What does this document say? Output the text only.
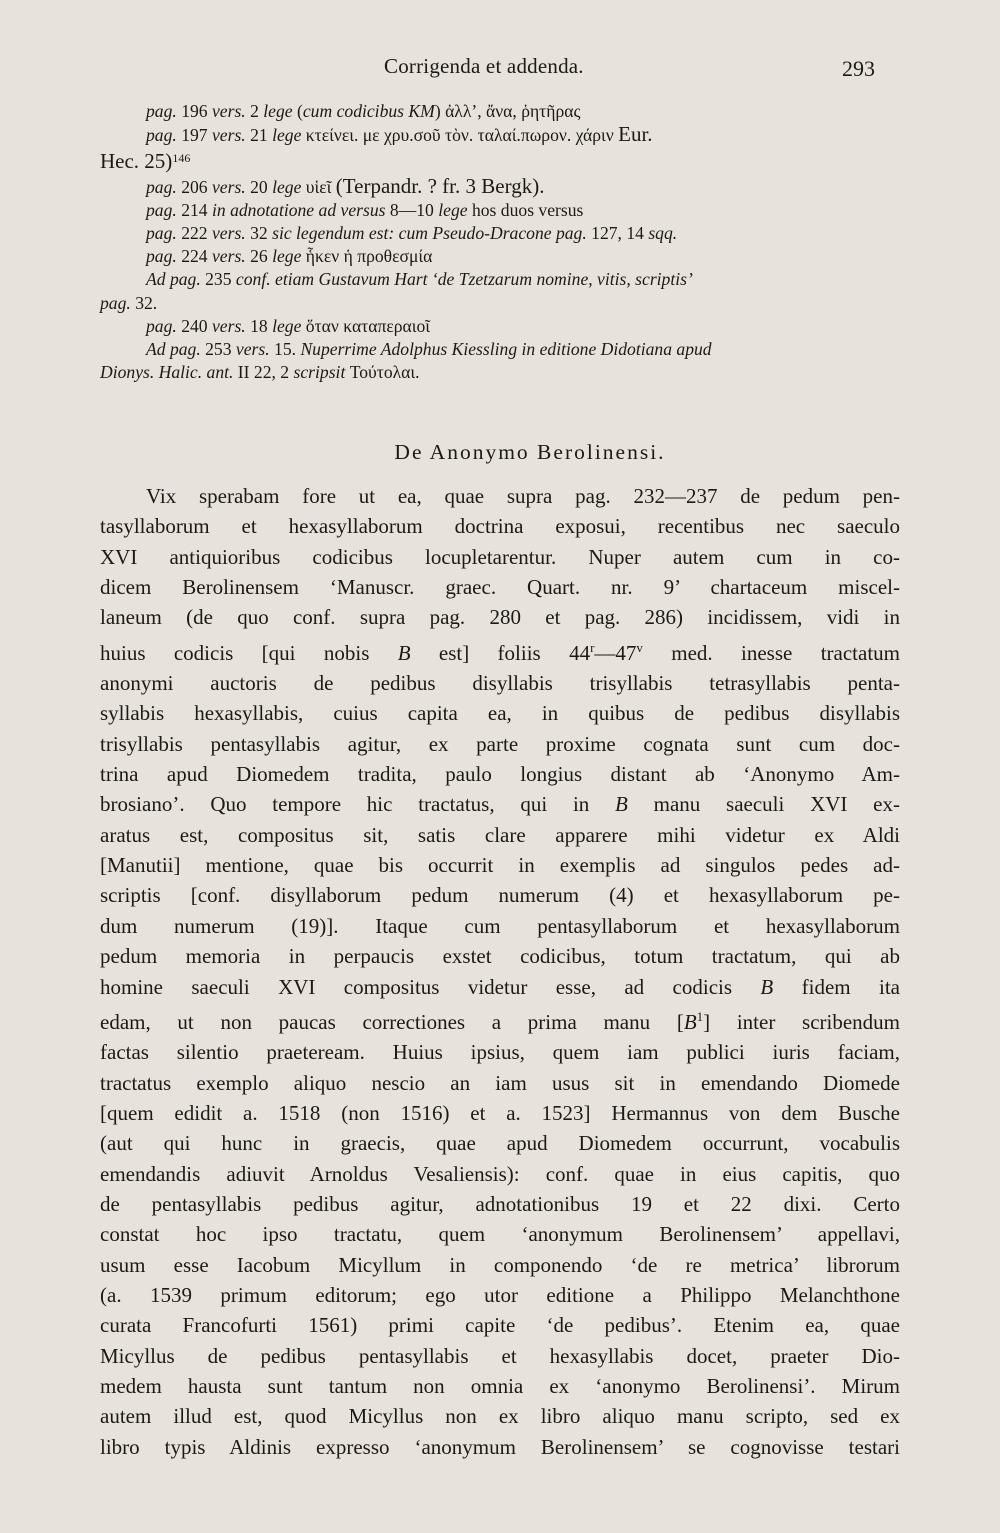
Corrigenda et addenda.	293
pag. 196 vers. 2 lege (cum codicibus KM) ἀλλ’, ἄνα, ῥητῆρας
pag. 197 vers. 21 lege κτείνει. με χρυ.σοῦ τὸν. ταλαί.πωρον. χάριν Eur.
Hec. 25)$^{146}$
pag. 206 vers. 20 lege υἱεῖ (Terpandr. ? fr. 3 Bergk).
pag. 214 in adnotatione ad versus 8—10 lege hos duos versus
pag. 222 vers. 32 sic legendum est: cum Pseudo-Dracone pag. 127, 14 sqq.
pag. 224 vers. 26 lege ἧκεν ἡ προθεσμία
Ad pag. 235 conf. etiam Gustavum Hart ‘de Tzetzarum nomine, vitis, scriptis’
pag. 32.
pag. 240 vers. 18 lege ὅταν καταπεραιοῖ
Ad pag. 253 vers. 15. Nuperrime Adolphus Kiessling in editione Didotiana apud
Dionys. Halic. ant. II 22, 2 scripsit Τούτολαι.
De Anonymo Berolinensi.
Vix sperabam fore ut ea, quae supra pag. 232—237 de pedum pen-
tasyllaborum et hexasyllaborum doctrina exposui, recentibus nec saeculo
XVI antiquioribus codicibus locupletarentur. Nuper autem cum in co-
dicem Berolinensem ‘Manuscr. graec. Quart. nr. 9’ chartaceum miscel-
laneum (de quo conf. supra pag. 280 et pag. 286) incidissem, vidi in
huius codicis [qui nobis B est] foliis 44$^r$—47$^v$ med. inesse tractatum
anonymi auctoris de pedibus disyllabis trisyllabis tetrasyllabis penta-
syllabis hexasyllabis, cuius capita ea, in quibus de pedibus disyllabis
trisyllabis pentasyllabis agitur, ex parte proxime cognata sunt cum doc-
trina apud Diomedem tradita, paulo longius distant ab ‘Anonymo Am-
brosiano’. Quo tempore hic tractatus, qui in B manu saeculi XVI ex-
aratus est, compositus sit, satis clare apparere mihi videtur ex Aldi
[Manutii] mentione, quae bis occurrit in exemplis ad singulos pedes ad-
scriptis [conf. disyllaborum pedum numerum (4) et hexasyllaborum pe-
dum numerum (19)]. Itaque cum pentasyllaborum et hexasyllaborum
pedum memoria in perpaucis exstet codicibus, totum tractatum, qui ab
homine saeculi XVI compositus videtur esse, ad codicis B fidem ita
edam, ut non paucas correctiones a prima manu $[B^1]$ inter scribendum
factas silentio praeteream. Huius ipsius, quem iam publici iuris faciam,
tractatus exemplo aliquo nescio an iam usus sit in emendando Diomede
[quem edidit a. 1518 (non 1516) et a. 1523] Hermannus von dem Busche
(aut qui hunc in graecis, quae apud Diomedem occurrunt, vocabulis
emendandis adiuvit Arnoldus Vesaliensis): conf. quae in eius capitis, quo
de pentasyllabis pedibus agitur, adnotationibus 19 et 22 dixi. Certo
constat hoc ipso tractatu, quem ‘anonymum Berolinensem’ appellavi,
usum esse Iacobum Micyllum in componendo ‘de re metrica’ librorum
(a. 1539 primum editorum; ego utor editione a Philippo Melanchthone
curata Francofurti 1561) primi capite ‘de pedibus’. Etenim ea, quae
Micyllus de pedibus pentasyllabis et hexasyllabis docet, praeter Dio-
medem hausta sunt tantum non omnia ex ‘anonymo Berolinensi’. Mirum
autem illud est, quod Micyllus non ex libro aliquo manu scripto, sed ex
libro typis Aldinis expresso ‘anonymum Berolinensem’ se cognovisse testari
